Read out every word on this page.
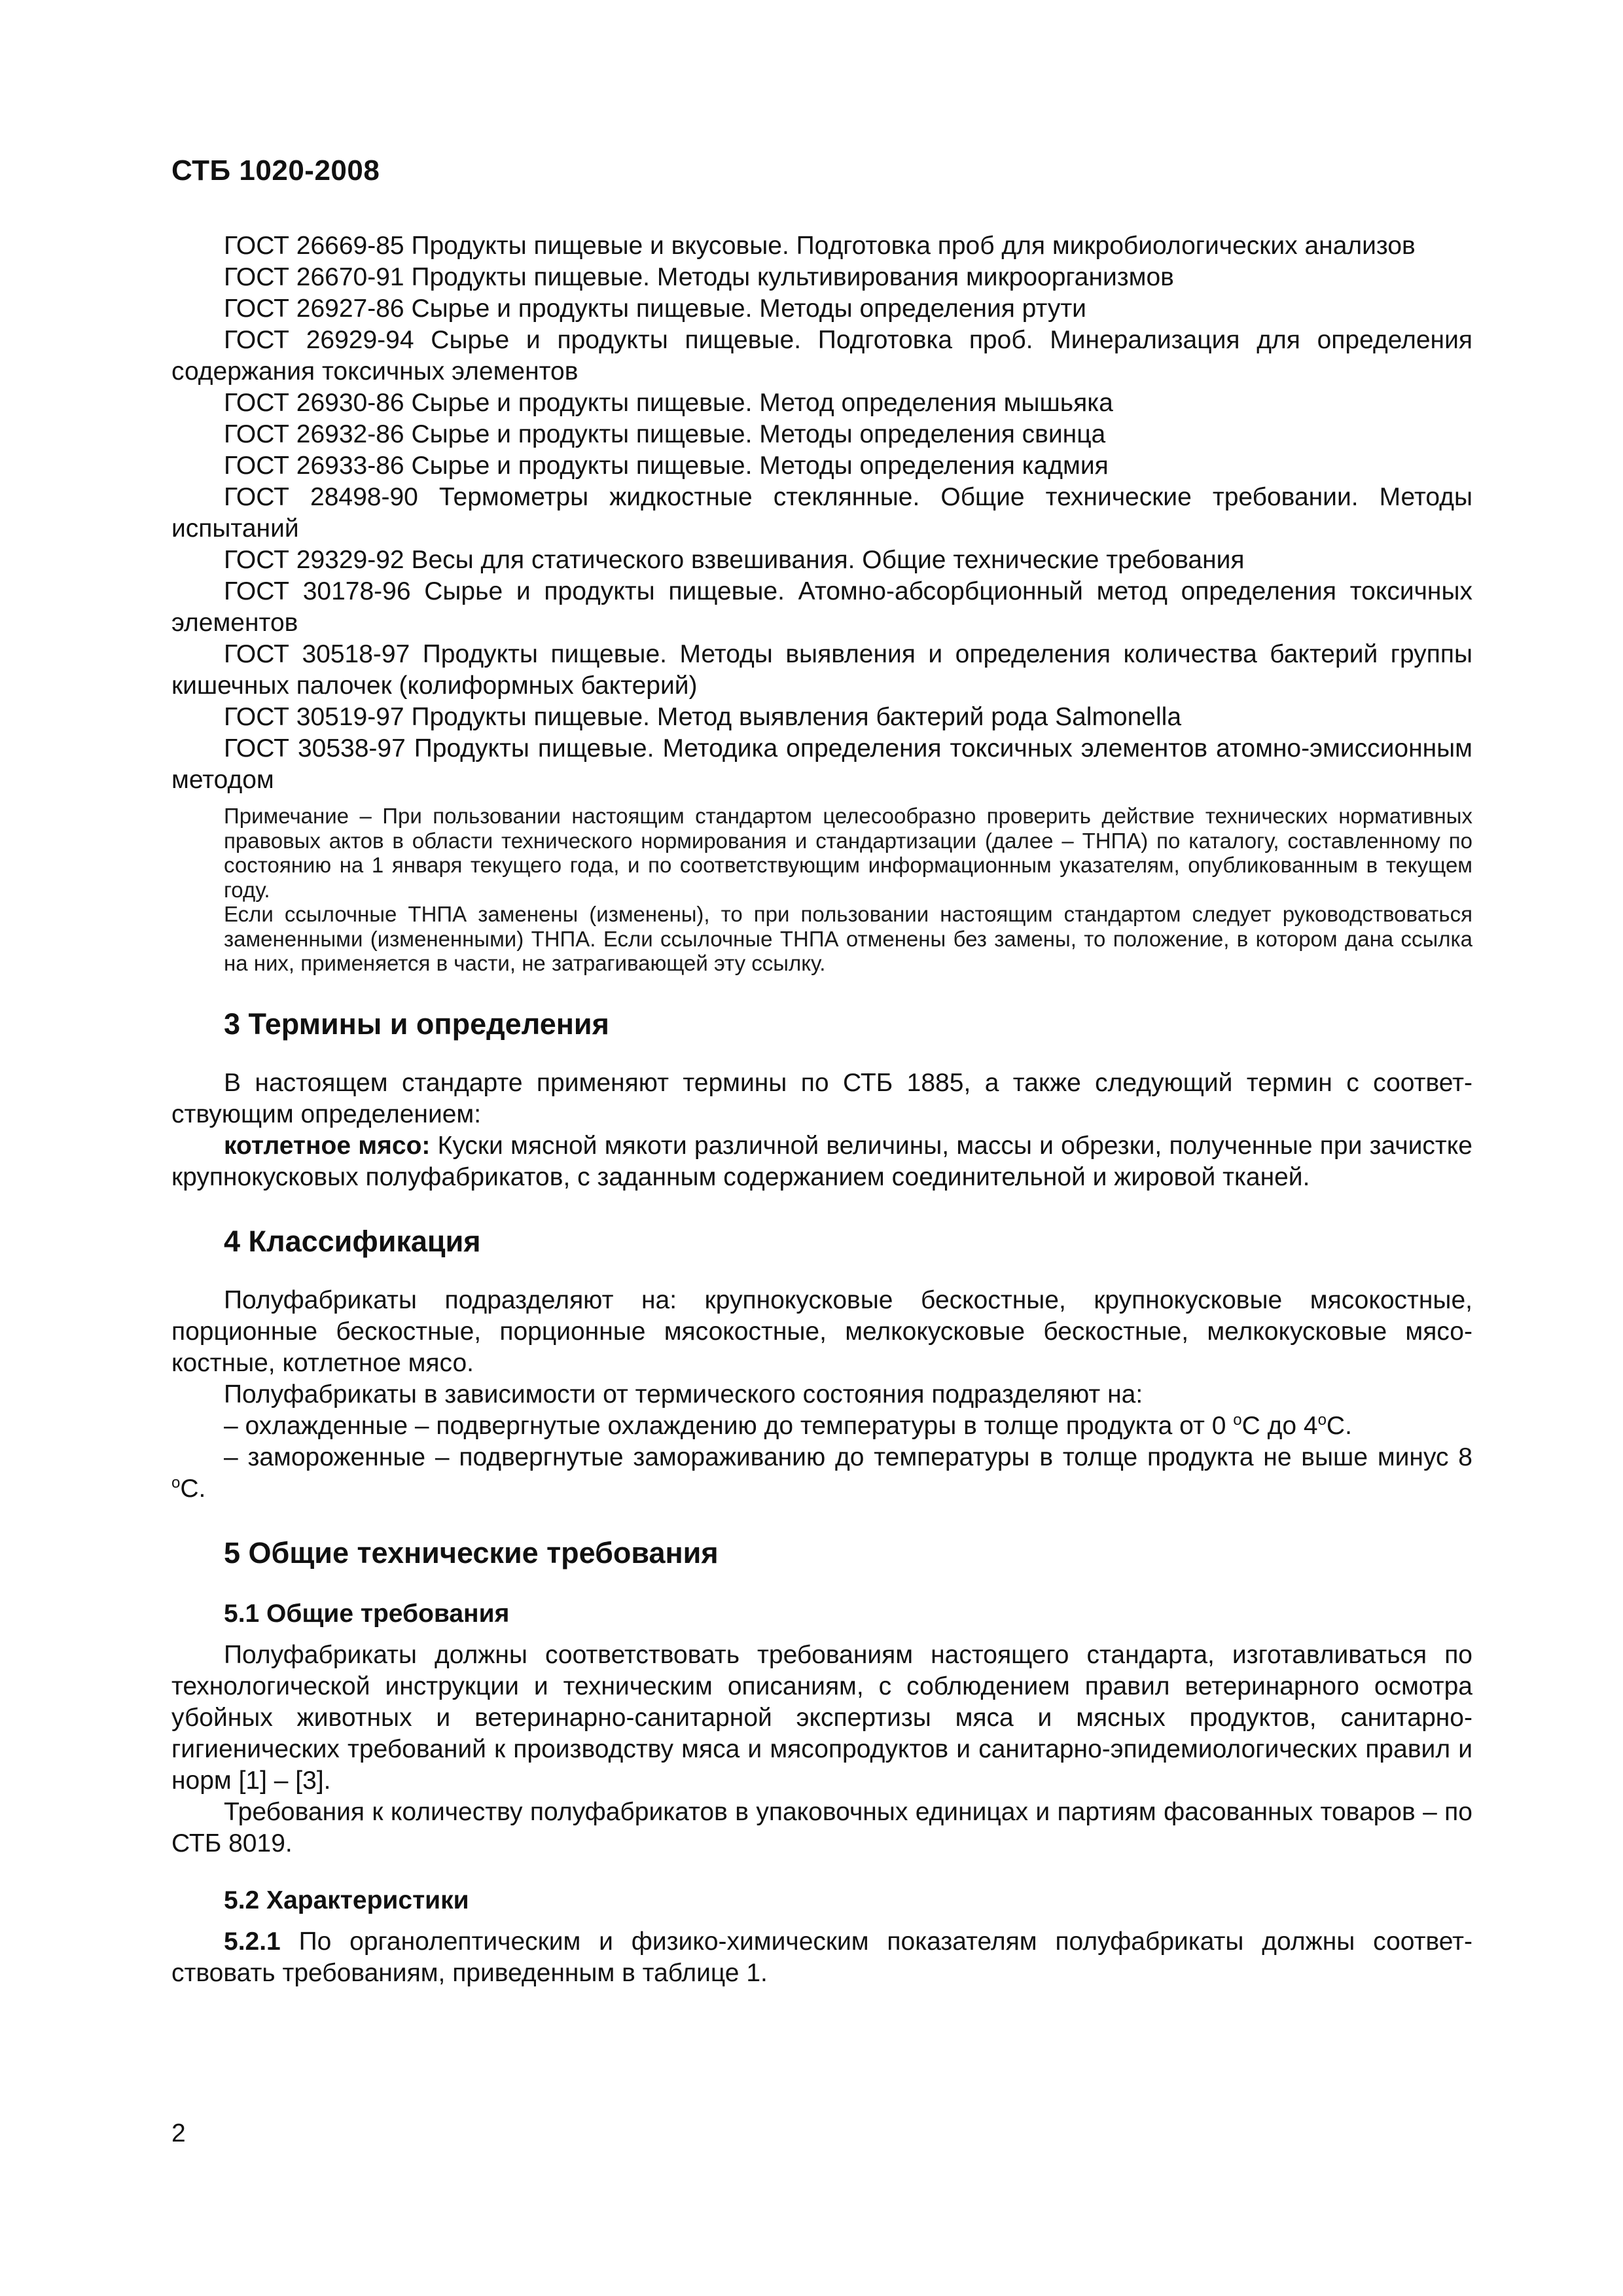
СТБ 1020-2008

ГОСТ 26669-85 Продукты пищевые и вкусовые. Подготовка проб для микробиологических анализов

ГОСТ 26670-91 Продукты пищевые. Методы культивирования микроорганизмов

ГОСТ 26927-86 Сырье и продукты пищевые. Методы определения ртути

ГОСТ 26929-94 Сырье и продукты пищевые. Подготовка проб. Минерализация для определения содержания токсичных элементов

ГОСТ 26930-86 Сырье и продукты пищевые. Метод определения мышьяка

ГОСТ 26932-86 Сырье и продукты пищевые. Методы определения свинца

ГОСТ 26933-86 Сырье и продукты пищевые. Методы определения кадмия

ГОСТ 28498-90 Термометры жидкостные стеклянные. Общие технические требовании. Методы испытаний

ГОСТ 29329-92 Весы для статического взвешивания. Общие технические требования

ГОСТ 30178-96 Сырье и продукты пищевые. Атомно-абсорбционный метод определения токсичных элементов

ГОСТ 30518-97 Продукты пищевые. Методы выявления и определения количества бактерий группы кишечных палочек (колиформных бактерий)

ГОСТ 30519-97 Продукты пищевые. Метод выявления бактерий рода Salmonella

ГОСТ 30538-97 Продукты пищевые. Методика определения токсичных элементов атомно-эмиссионным методом

Примечание – При пользовании настоящим стандартом целесообразно проверить действие технических нормативных правовых актов в области технического нормирования и стандартизации (далее – ТНПА) по каталогу, составленному по состоянию на 1 января текущего года, и по соответствующим информационным указателям, опубликованным в текущем году.

Если ссылочные ТНПА заменены (изменены), то при пользовании настоящим стандартом следует руководствоваться замененными (измененными) ТНПА. Если ссылочные ТНПА отменены без замены, то положение, в котором дана ссылка на них, применяется в части, не затрагивающей эту ссылку.

3 Термины и определения

В настоящем стандарте применяют термины по СТБ 1885, а также следующий термин с соответствующим определением:

котлетное мясо: Куски мясной мякоти различной величины, массы и обрезки, полученные при зачистке крупнокусковых полуфабрикатов, с заданным содержанием соединительной и жировой тканей.

4 Классификация

Полуфабрикаты подразделяют на: крупнокусковые бескостные, крупнокусковые мясокостные, порционные бескостные, порционные мясокостные, мелкокусковые бескостные, мелкокусковые мясокостные, котлетное мясо.

Полуфабрикаты в зависимости от термического состояния подразделяют на:

– охлажденные – подвергнутые охлаждению до температуры в толще продукта от 0 $^о$С до $4^оС$.

– замороженные – подвергнутые замораживанию до температуры в толще продукта не выше минус 8 $^о$С.

5 Общие технические требования
5.1 Общие требования

Полуфабрикаты должны соответствовать требованиям настоящего стандарта, изготавливаться по технологической инструкции и техническим описаниям, с соблюдением правил ветеринарного осмотра убойных животных и ветеринарно-санитарной экспертизы мяса и мясных продуктов, санитарно-гигиенических требований к производству мяса и мясопродуктов и санитарно-эпидемиологических правил и норм [1] – [3].

Требования к количеству полуфабрикатов в упаковочных единицах и партиям фасованных товаров – по СТБ 8019.

5.2 Характеристики

5.2.1 По органолептическим и физико-химическим показателям полуфабрикаты должны соответствовать требованиям, приведенным в таблице 1.

2
